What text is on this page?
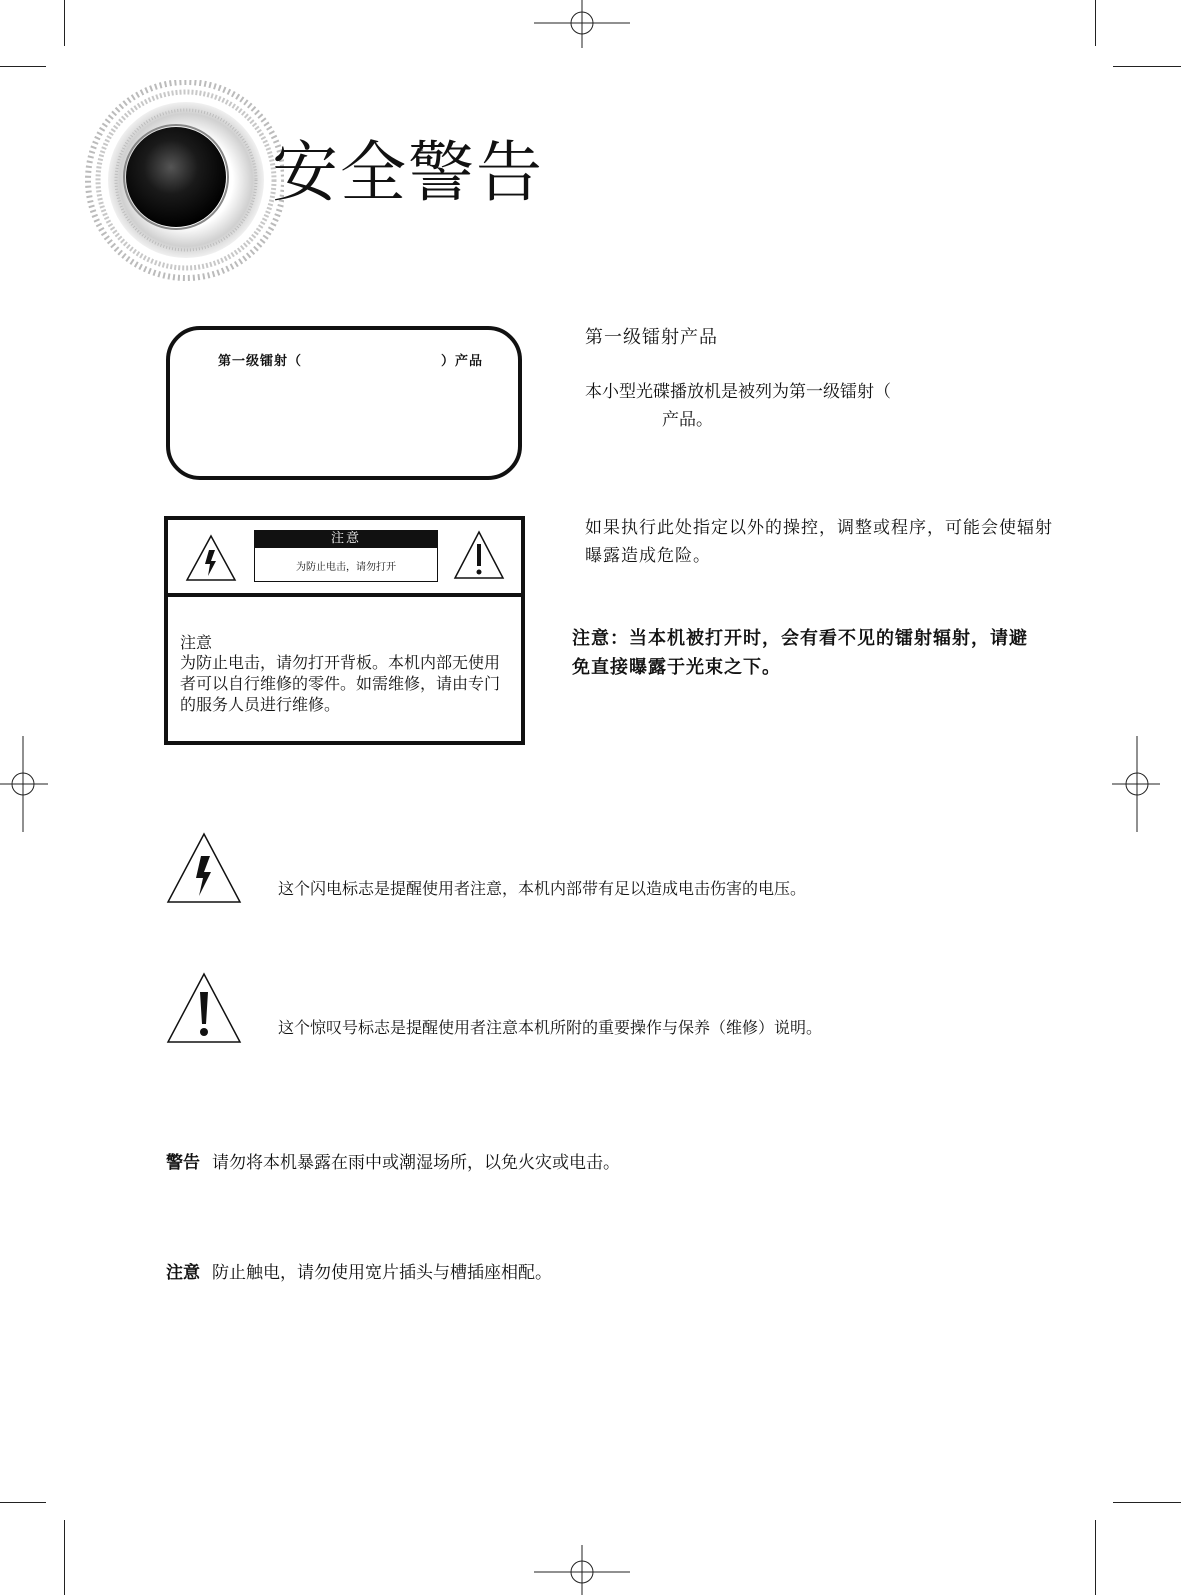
安全警告
第一级镭射（	）产品
注意
为防止电击，请勿打开
注意
为防止电击，请勿打开背板。本机内部无使用者可以自行维修的零件。如需维修，请由专门的服务人员进行维修。
第一级镭射产品
本小型光碟播放机是被列为第一级镭射（
产品。
如果执行此处指定以外的操控，调整或程序，可能会使辐射曝露造成危险。
注意：当本机被打开时，会有看不见的镭射辐射，请避免直接曝露于光束之下。
这个闪电标志是提醒使用者注意，本机内部带有足以造成电击伤害的电压。
这个惊叹号标志是提醒使用者注意本机所附的重要操作与保养（维修）说明。
警告 请勿将本机暴露在雨中或潮湿场所，以免火灾或电击。
注意 防止触电，请勿使用宽片插头与槽插座相配。
